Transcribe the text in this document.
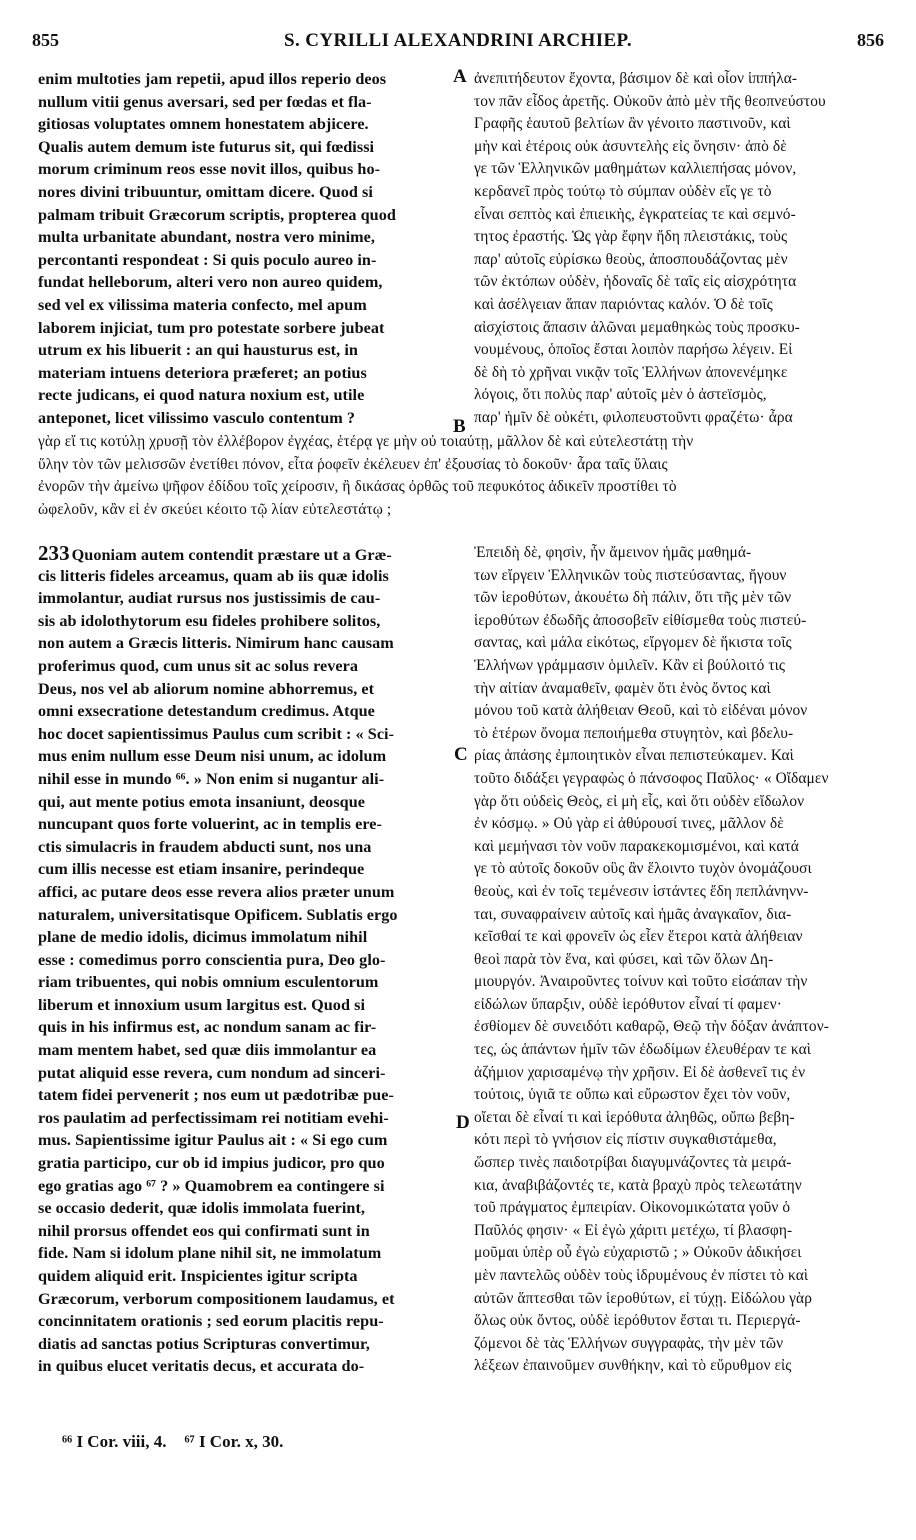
855	S. CYRILLI ALEXANDRINI ARCHIEP.	856
A
B
C
D
enim multoties jam repetii, apud illos reperio deos
nullum vitii genus aversari, sed per fœdas et fla-
gitiosas voluptates omnem honestatem abjicere.
Qualis autem demum iste futurus sit, qui fœdissi
morum criminum reos esse novit illos, quibus ho-
nores divini tribuuntur, omittam dicere. Quod si
palmam tribuit Græcorum scriptis, propterea quod
multa urbanitate abundant, nostra vero minime,
percontanti respondeat : Si quis poculo aureo in-
fundat helleborum, alteri vero non aureo quidem,
sed vel ex vilissima materia confecto, mel apum
laborem injiciat, tum pro potestate sorbere jubeat
utrum ex his libuerit : an qui hausturus est, in
materiam intuens deteriora præferet; an potius
recte judicans, ei quod natura noxium est, utile
anteponet, licet vilissimo vasculo contentum ?
ἀνεπιτήδευτον ἔχοντα, βάσιμον δὲ καὶ οἷον ἱππήλα-
τον πᾶν εἶδος ἀρετῆς. Οὐκοῦν ἀπὸ μὲν τῆς θεοπνεύστου
Γραφῆς ἑαυτοῦ βελτίων ἂν γένοιτο παστινοῦν, καὶ
μὴν καὶ ἑτέροις οὐκ ἀσυντελὴς εἰς ὄνησιν· ἀπὸ δὲ
γε τῶν Ἑλληνικῶν μαθημάτων καλλιεπήσας μόνον,
κερδανεῖ πρὸς τούτῳ τὸ σύμπαν οὐδὲν εἴς γε τὸ
εἶναι σεπτὸς καὶ ἐπιεικὴς, ἐγκρατείας τε καὶ σεμνό-
τητος ἐραστής. Ὡς γὰρ ἔφην ἤδη πλειστάκις, τοὺς
παρ' αὐτοῖς εὑρίσκω θεοὺς, ἀποσπουδάζοντας μὲν
τῶν ἐκτόπων οὐδὲν, ἡδοναῖς δὲ ταῖς εἰς αἰσχρότητα
καὶ ἀσέλγειαν ἅπαν παριόντας καλόν. Ὁ δὲ τοῖς
αἰσχίστοις ἅπασιν ἁλῶναι μεμαθηκὼς τοὺς προσκυ-
νουμένους, ὁποῖος ἔσται λοιπὸν παρήσω λέγειν. Εἰ
δὲ δὴ τὸ χρῆναι νικᾷν τοῖς Ἑλλήνων ἀπονενέμηκε
λόγοις, ὅτι πολὺς παρ' αὐτοῖς μὲν ὁ ἀστεϊσμὸς,
παρ' ἡμῖν δὲ οὐκέτι, φιλοπευστοῦντι φραζέτω· ἆρα
γὰρ εἴ τις κοτύλῃ χρυσῇ τὸν ἐλλέβορον ἐγχέας, ἑτέρᾳ γε μὴν οὐ τοιαύτῃ, μᾶλλον δὲ καὶ εὐτελεστάτῃ τὴν
ὕλην τὸν τῶν μελισσῶν ἐνετίθει πόνον, εἶτα ῥοφεῖν ἐκέλευεν ἐπ' ἐξουσίας τὸ δοκοῦν· ἆρα ταῖς ὕλαις
ἐνορῶν τὴν ἀμείνω ψῆφον ἐδίδου τοῖς χείροσιν, ἢ δικάσας ὀρθῶς τοῦ πεφυκότος ἀδικεῖν προστίθει τὸ
ὠφελοῦν, κἂν εἰ ἐν σκεύει κέοιτο τῷ λίαν εὐτελεστάτῳ ;
233 Quoniam autem contendit præstare ut a Græ-
cis litteris fideles arceamus, quam ab iis quæ idolis
immolantur, audiat rursus nos justissimis de cau-
sis ab idolothytorum esu fideles prohibere solitos,
non autem a Græcis litteris. Nimirum hanc causam
proferimus quod, cum unus sit ac solus revera
Deus, nos vel ab aliorum nomine abhorremus, et
omni exsecratione detestandum credimus. Atque
hoc docet sapientissimus Paulus cum scribit : « Sci-
mus enim nullum esse Deum nisi unum, ac idolum
nihil esse in mundo ⁶⁶. » Non enim si nugantur ali-
qui, aut mente potius emota insaniunt, deosque
nuncupant quos forte voluerint, ac in templis ere-
ctis simulacris in fraudem abducti sunt, nos una
cum illis necesse est etiam insanire, perindeque
affici, ac putare deos esse revera alios præter unum
naturalem, universitatisque Opificem. Sublatis ergo
plane de medio idolis, dicimus immolatum nihil
esse : comedimus porro conscientia pura, Deo glo-
riam tribuentes, qui nobis omnium esculentorum
liberum et innoxium usum largitus est. Quod si
quis in his infirmus est, ac nondum sanam ac fir-
mam mentem habet, sed quæ diis immolantur ea
putat aliquid esse revera, cum nondum ad sinceri-
tatem fidei pervenerit ; nos eum ut pædotribæ pue-
ros paulatim ad perfectissimam rei notitiam evehi-
mus. Sapientissime igitur Paulus ait : « Si ego cum
gratia participo, cur ob id impius judicor, pro quo
ego gratias ago ⁶⁷ ? » Quamobrem ea contingere si
se occasio dederit, quæ idolis immolata fuerint,
nihil prorsus offendet eos qui confirmati sunt in
fide. Nam si idolum plane nihil sit, ne immolatum
quidem aliquid erit. Inspicientes igitur scripta
Græcorum, verborum compositionem laudamus, et
concinnitatem orationis ; sed eorum placitis repu-
diatis ad sanctas potius Scripturas convertimur,
in quibus elucet veritatis decus, et accurata do-
Ἐπειδὴ δὲ, φησὶν, ἦν ἄμεινον ἡμᾶς μαθημά-
των εἴργειν Ἑλληνικῶν τοὺς πιστεύσαντας, ἤγουν
τῶν ἱεροθύτων, ἀκουέτω δὴ πάλιν, ὅτι τῆς μὲν τῶν
ἱεροθύτων ἐδωδῆς ἀποσοβεῖν εἰθίσμεθα τοὺς πιστεύ-
σαντας, καὶ μάλα εἰκότως, εἴργομεν δὲ ἥκιστα τοῖς
Ἑλλήνων γράμμασιν ὁμιλεῖν. Κἂν εἰ βούλοιτό τις
τὴν αἰτίαν ἀναμαθεῖν, φαμὲν ὅτι ἑνὸς ὄντος καὶ
μόνου τοῦ κατὰ ἀλήθειαν Θεοῦ, καὶ τὸ εἰδέναι μόνον
τὸ ἑτέρων ὄνομα πεποιήμεθα στυγητὸν, καὶ βδελυ-
ρίας ἁπάσης ἐμποιητικὸν εἶναι πεπιστεύκαμεν. Καὶ
τοῦτο διδάξει γεγραφὼς ὁ πάνσοφος Παῦλος· « Οἴδαμεν
γὰρ ὅτι οὐδεὶς Θεὸς, εἰ μὴ εἷς, καὶ ὅτι οὐδὲν εἴδωλον
ἐν κόσμῳ. » Οὐ γὰρ εἰ ἀθύρουσί τινες, μᾶλλον δὲ
καὶ μεμήνασι τὸν νοῦν παρακεκομισμένοι, καὶ κατά
γε τὸ αὐτοῖς δοκοῦν οὓς ἂν ἕλοιντο τυχὸν ὀνομάζουσι
θεοὺς, καὶ ἐν τοῖς τεμένεσιν ἱστάντες ἔδη πεπλάνηνν-
ται, συναφραίνειν αὐτοῖς καὶ ἡμᾶς ἀναγκαῖον, δια-
κεῖσθαί τε καὶ φρονεῖν ὡς εἶεν ἕτεροι κατὰ ἀλήθειαν
θεοὶ παρὰ τὸν ἕνα, καὶ φύσει, καὶ τῶν ὅλων Δη-
μιουργόν. Ἀναιροῦντες τοίνυν καὶ τοῦτο εἰσάπαν τὴν
εἰδώλων ὕπαρξιν, οὐδὲ ἱερόθυτον εἶναί τί φαμεν·
ἐσθίομεν δὲ συνειδότι καθαρῷ, Θεῷ τὴν δόξαν ἀνάπτον-
τες, ὡς ἁπάντων ἡμῖν τῶν ἐδωδίμων ἐλευθέραν τε καὶ
ἀζήμιον χαρισαμένῳ τὴν χρῆσιν. Εἰ δὲ ἀσθενεῖ τις ἐν
τούτοις, ὑγιᾶ τε οὔπω καὶ εὔρωστον ἔχει τὸν νοῦν,
οἴεται δὲ εἶναί τι καὶ ἱερόθυτα ἀληθῶς, οὔπω βεβη-
κότι περὶ τὸ γνήσιον εἰς πίστιν συγκαθιστάμεθα,
ὥσπερ τινὲς παιδοτρίβαι διαγυμνάζοντες τὰ μειρά-
κια, ἀναβιβάζοντές τε, κατὰ βραχὺ πρὸς τελεωτάτην
τοῦ πράγματος ἐμπειρίαν. Οἰκονομικώτατα γοῦν ὁ
Παῦλός φησιν· « Εἰ ἐγὼ χάριτι μετέχω, τί βλασφη-
μοῦμαι ὑπὲρ οὗ ἐγὼ εὐχαριστῶ ; » Οὐκοῦν ἀδικήσει
μὲν παντελῶς οὐδὲν τοὺς ἱδρυμένους ἐν πίστει τὸ καὶ
αὐτῶν ἅπτεσθαι τῶν ἱεροθύτων, εἰ τύχῃ. Εἰδώλου γὰρ
ὅλως οὐκ ὄντος, οὐδὲ ἱερόθυτον ἔσται τι. Περιεργά-
ζόμενοι δὲ τὰς Ἑλλήνων συγγραφὰς, τὴν μὲν τῶν
λέξεων ἐπαινοῦμεν συνθήκην, καὶ τὸ εὔρυθμον εἰς
⁶⁶ I Cor. viii, 4. ⁶⁷ I Cor. x, 30.
